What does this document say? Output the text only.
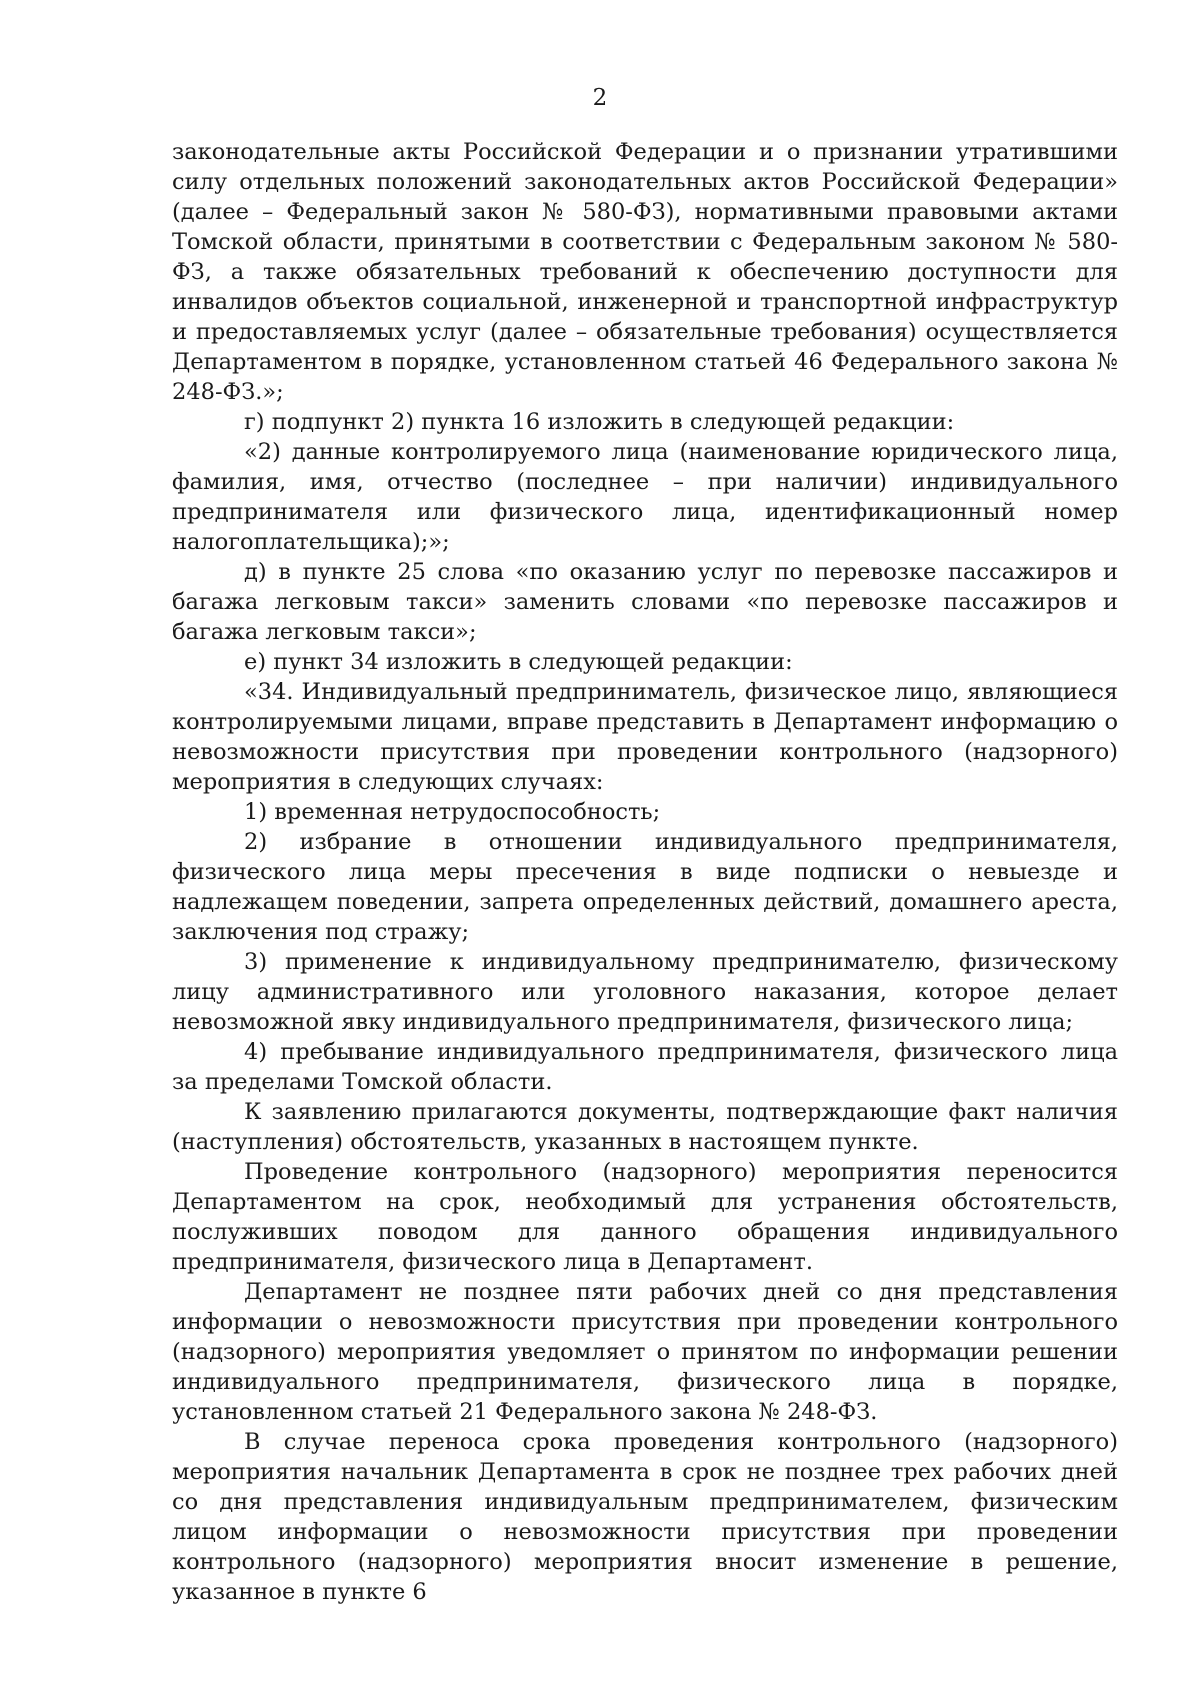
2

законодательные акты Российской Федерации и о признании утратившими силу отдельных положений законодательных актов Российской Федерации» (далее – Федеральный закон № 580-ФЗ), нормативными правовыми актами Томской области, принятыми в соответствии с Федеральным законом № 580-ФЗ, а также обязательных требований к обеспечению доступности для инвалидов объектов социальной, инженерной и транспортной инфраструктур и предоставляемых услуг (далее – обязательные требования) осуществляется Департаментом в порядке, установленном статьей 46 Федерального закона № 248-ФЗ.»;

г) подпункт 2) пункта 16 изложить в следующей редакции:

«2) данные контролируемого лица (наименование юридического лица, фамилия, имя, отчество (последнее – при наличии) индивидуального предпринимателя или физического лица, идентификационный номер налогоплательщика);»;

д) в пункте 25 слова «по оказанию услуг по перевозке пассажиров и багажа легковым такси» заменить словами «по перевозке пассажиров и багажа легковым такси»;

е) пункт 34 изложить в следующей редакции:

«34. Индивидуальный предприниматель, физическое лицо, являющиеся контролируемыми лицами, вправе представить в Департамент информацию о невозможности присутствия при проведении контрольного (надзорного) мероприятия в следующих случаях:

1) временная нетрудоспособность;

2) избрание в отношении индивидуального предпринимателя, физического лица меры пресечения в виде подписки о невыезде и надлежащем поведении, запрета определенных действий, домашнего ареста, заключения под стражу;

3) применение к индивидуальному предпринимателю, физическому лицу административного или уголовного наказания, которое делает невозможной явку индивидуального предпринимателя, физического лица;

4) пребывание индивидуального предпринимателя, физического лица за пределами Томской области.

К заявлению прилагаются документы, подтверждающие факт наличия (наступления) обстоятельств, указанных в настоящем пункте.

Проведение контрольного (надзорного) мероприятия переносится Департаментом на срок, необходимый для устранения обстоятельств, послуживших поводом для данного обращения индивидуального предпринимателя, физического лица в Департамент.

Департамент не позднее пяти рабочих дней со дня представления информации о невозможности присутствия при проведении контрольного (надзорного) мероприятия уведомляет о принятом по информации решении индивидуального предпринимателя, физического лица в порядке, установленном статьей 21 Федерального закона № 248-ФЗ.

В случае переноса срока проведения контрольного (надзорного) мероприятия начальник Департамента в срок не позднее трех рабочих дней со дня представления индивидуальным предпринимателем, физическим лицом информации о невозможности присутствия при проведении контрольного (надзорного) мероприятия вносит изменение в решение, указанное в пункте 6
